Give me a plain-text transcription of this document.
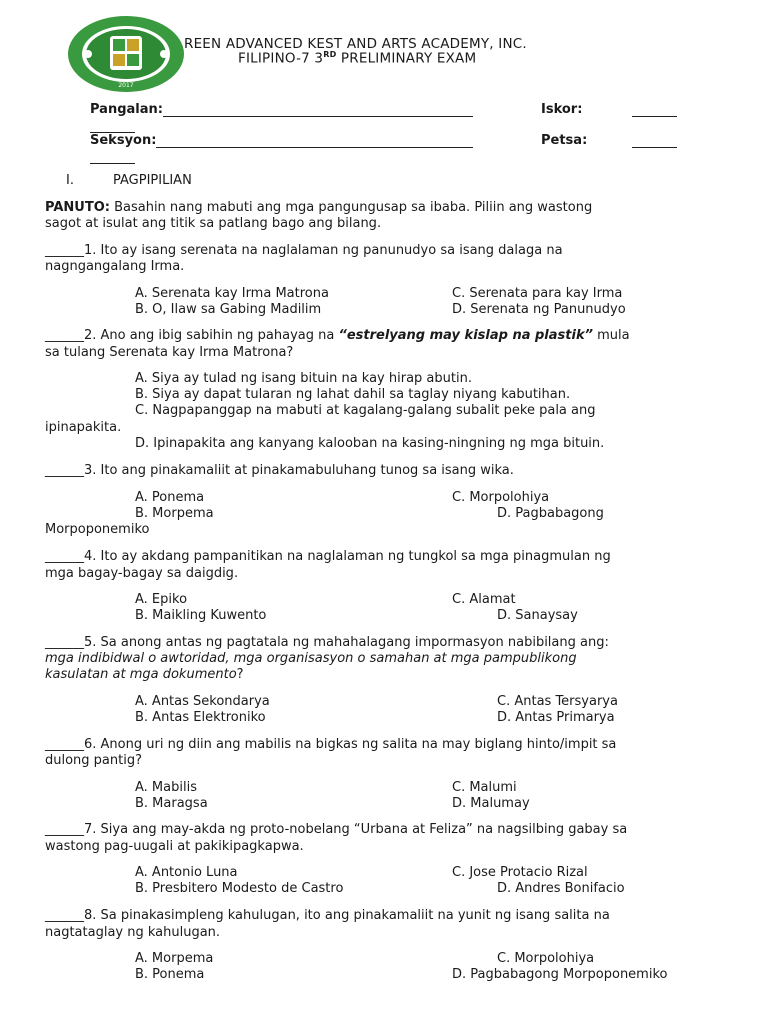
2017
REEN ADVANCED KEST AND ARTS ACADEMY, INC.
FILIPINO-7 3RD PRELIMINARY EXAM
Pangalan:	Iskor:
Seksyon:	Petsa:
I.	PAGPIPILIAN
PANUTO: Basahin nang mabuti ang mga pangungusap sa ibaba. Piliin ang wastong
sagot at isulat ang titik sa patlang bago ang bilang.
______1. Ito ay isang serenata na naglalaman ng panunudyo sa isang dalaga na
nagngangalang Irma.
A. Serenata kay Irma Matrona
B. O, Ilaw sa Gabing Madilim
C. Serenata para kay Irma
D. Serenata ng Panunudyo
______2. Ano ang ibig sabihin ng pahayag na “estrelyang may kislap na plastik” mula
sa tulang Serenata kay Irma Matrona?
A. Siya ay tulad ng isang bituin na kay hirap abutin.
B. Siya ay dapat tularan ng lahat dahil sa taglay niyang kabutihan.
C. Nagpapanggap na mabuti at kagalang-galang subalit peke pala ang
ipinapakita.
D. Ipinapakita ang kanyang kalooban na kasing-ningning ng mga bituin.
______3. Ito ang pinakamaliit at pinakamabuluhang tunog sa isang wika.
A. Ponema
B. Morpema
C. Morpolohiya
D. Pagbabagong
Morpoponemiko
______4. Ito ay akdang pampanitikan na naglalaman ng tungkol sa mga pinagmulan ng
mga bagay-bagay sa daigdig.
A. Epiko
B. Maikling Kuwento
C. Alamat
D. Sanaysay
______5. Sa anong antas ng pagtatala ng mahahalagang impormasyon nabibilang ang:
mga indibidwal o awtoridad, mga organisasyon o samahan at mga pampublikong
kasulatan at mga dokumento?
A. Antas Sekondarya
B. Antas Elektroniko
C. Antas Tersyarya
D. Antas Primarya
______6. Anong uri ng diin ang mabilis na bigkas ng salita na may biglang hinto/impit sa
dulong pantig?
A. Mabilis
B. Maragsa
C. Malumi
D. Malumay
______7. Siya ang may-akda ng proto-nobelang “Urbana at Feliza” na nagsilbing gabay sa
wastong pag-uugali at pakikipagkapwa.
A. Antonio Luna
B. Presbitero Modesto de Castro
C. Jose Protacio Rizal
D. Andres Bonifacio
______8. Sa pinakasimpleng kahulugan, ito ang pinakamaliit na yunit ng isang salita na
nagtataglay ng kahulugan.
A. Morpema
B. Ponema
C. Morpolohiya
D. Pagbabagong Morpoponemiko
